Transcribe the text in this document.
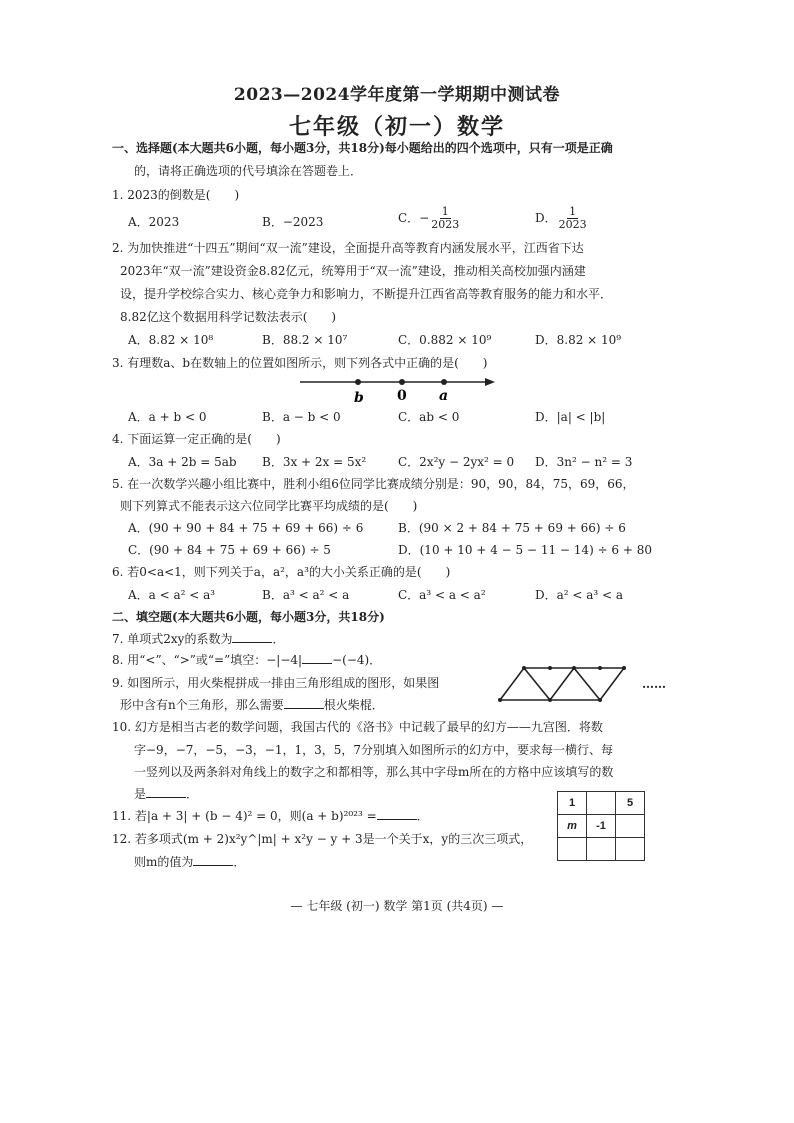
2023—2024学年度第一学期期中测试卷
七年级（初一）数学
一、选择题(本大题共6小题，每小题3分，共18分)每小题给出的四个选项中，只有一项是正确
的，请将正确选项的代号填涂在答题卷上．
1. 2023的倒数是(　　)
A．2023	B．−2023	C．− $\frac{1}{2023}$	D． $\frac{1}{2023}$
2. 为加快推进“十四五”期间“双一流”建设，全面提升高等教育内涵发展水平，江西省下达
2023年“双一流”建设资金8.82亿元，统筹用于“双一流”建设，推动相关高校加强内涵建
设，提升学校综合实力、核心竞争力和影响力，不断提升江西省高等教育服务的能力和水平．
8.82亿这个数据用科学记数法表示(　　)
A．8.82 × 10⁸	B．88.2 × 10⁷	C．0.882 × 10⁹	D．8.82 × 10⁹
3. 有理数a、b在数轴上的位置如图所示，则下列各式中正确的是(　　)
b 0 a
A．a + b < 0	B．a − b < 0	C．ab < 0	D．|a| < |b|
4. 下面运算一定正确的是(　　)
A．3a + 2b = 5ab B．3x + 2x = 5x²	C．2x²y − 2yx² = 0 D．3n² − n² = 3
5. 在一次数学兴趣小组比赛中，胜利小组6位同学比赛成绩分别是：90，90，84，75，69，66，
则下列算式不能表示这六位同学比赛平均成绩的是(　　)
A．(90 + 90 + 84 + 75 + 69 + 66) ÷ 6	B．(90 × 2 + 84 + 75 + 69 + 66) ÷ 6
C．(90 + 84 + 75 + 69 + 66) ÷ 5	D．(10 + 10 + 4 − 5 − 11 − 14) ÷ 6 + 80
6. 若0<a<1，则下列关于a，a²，a³的大小关系正确的是(　　)
A．a < a² < a³	B．a³ < a² < a	C．a³ < a < a²	D．a² < a³ < a
二、填空题(本大题共6小题，每小题3分，共18分)
7. 单项式2xy的系数为	．
8. 用“<”、“>”或“=”填空：−|−4|	−(−4)．
9. 如图所示，用火柴棍拼成一排由三角形组成的图形，如果图
形中含有n个三角形，那么需要	根火柴棍．
……
10. 幻方是相当古老的数学问题，我国古代的《洛书》中记载了最早的幻方——九宫图．将数
字−9，−7，−5，−3，−1，1，3，5，7分别填入如图所示的幻方中，要求每一横行、每
一竖列以及两条斜对角线上的数字之和都相等，那么其中字母m所在的方格中应该填写的数
是	．
1		5
m	-1	

11. 若|a + 3| + (b − 4)² = 0，则(a + b)²⁰²³ =	．
12. 若多项式(m + 2)x²y^|m| + x²y − y + 3是一个关于x，y的三次三项式，
则m的值为	．
— 七年级 (初一) 数学 第1页 (共4页) —
